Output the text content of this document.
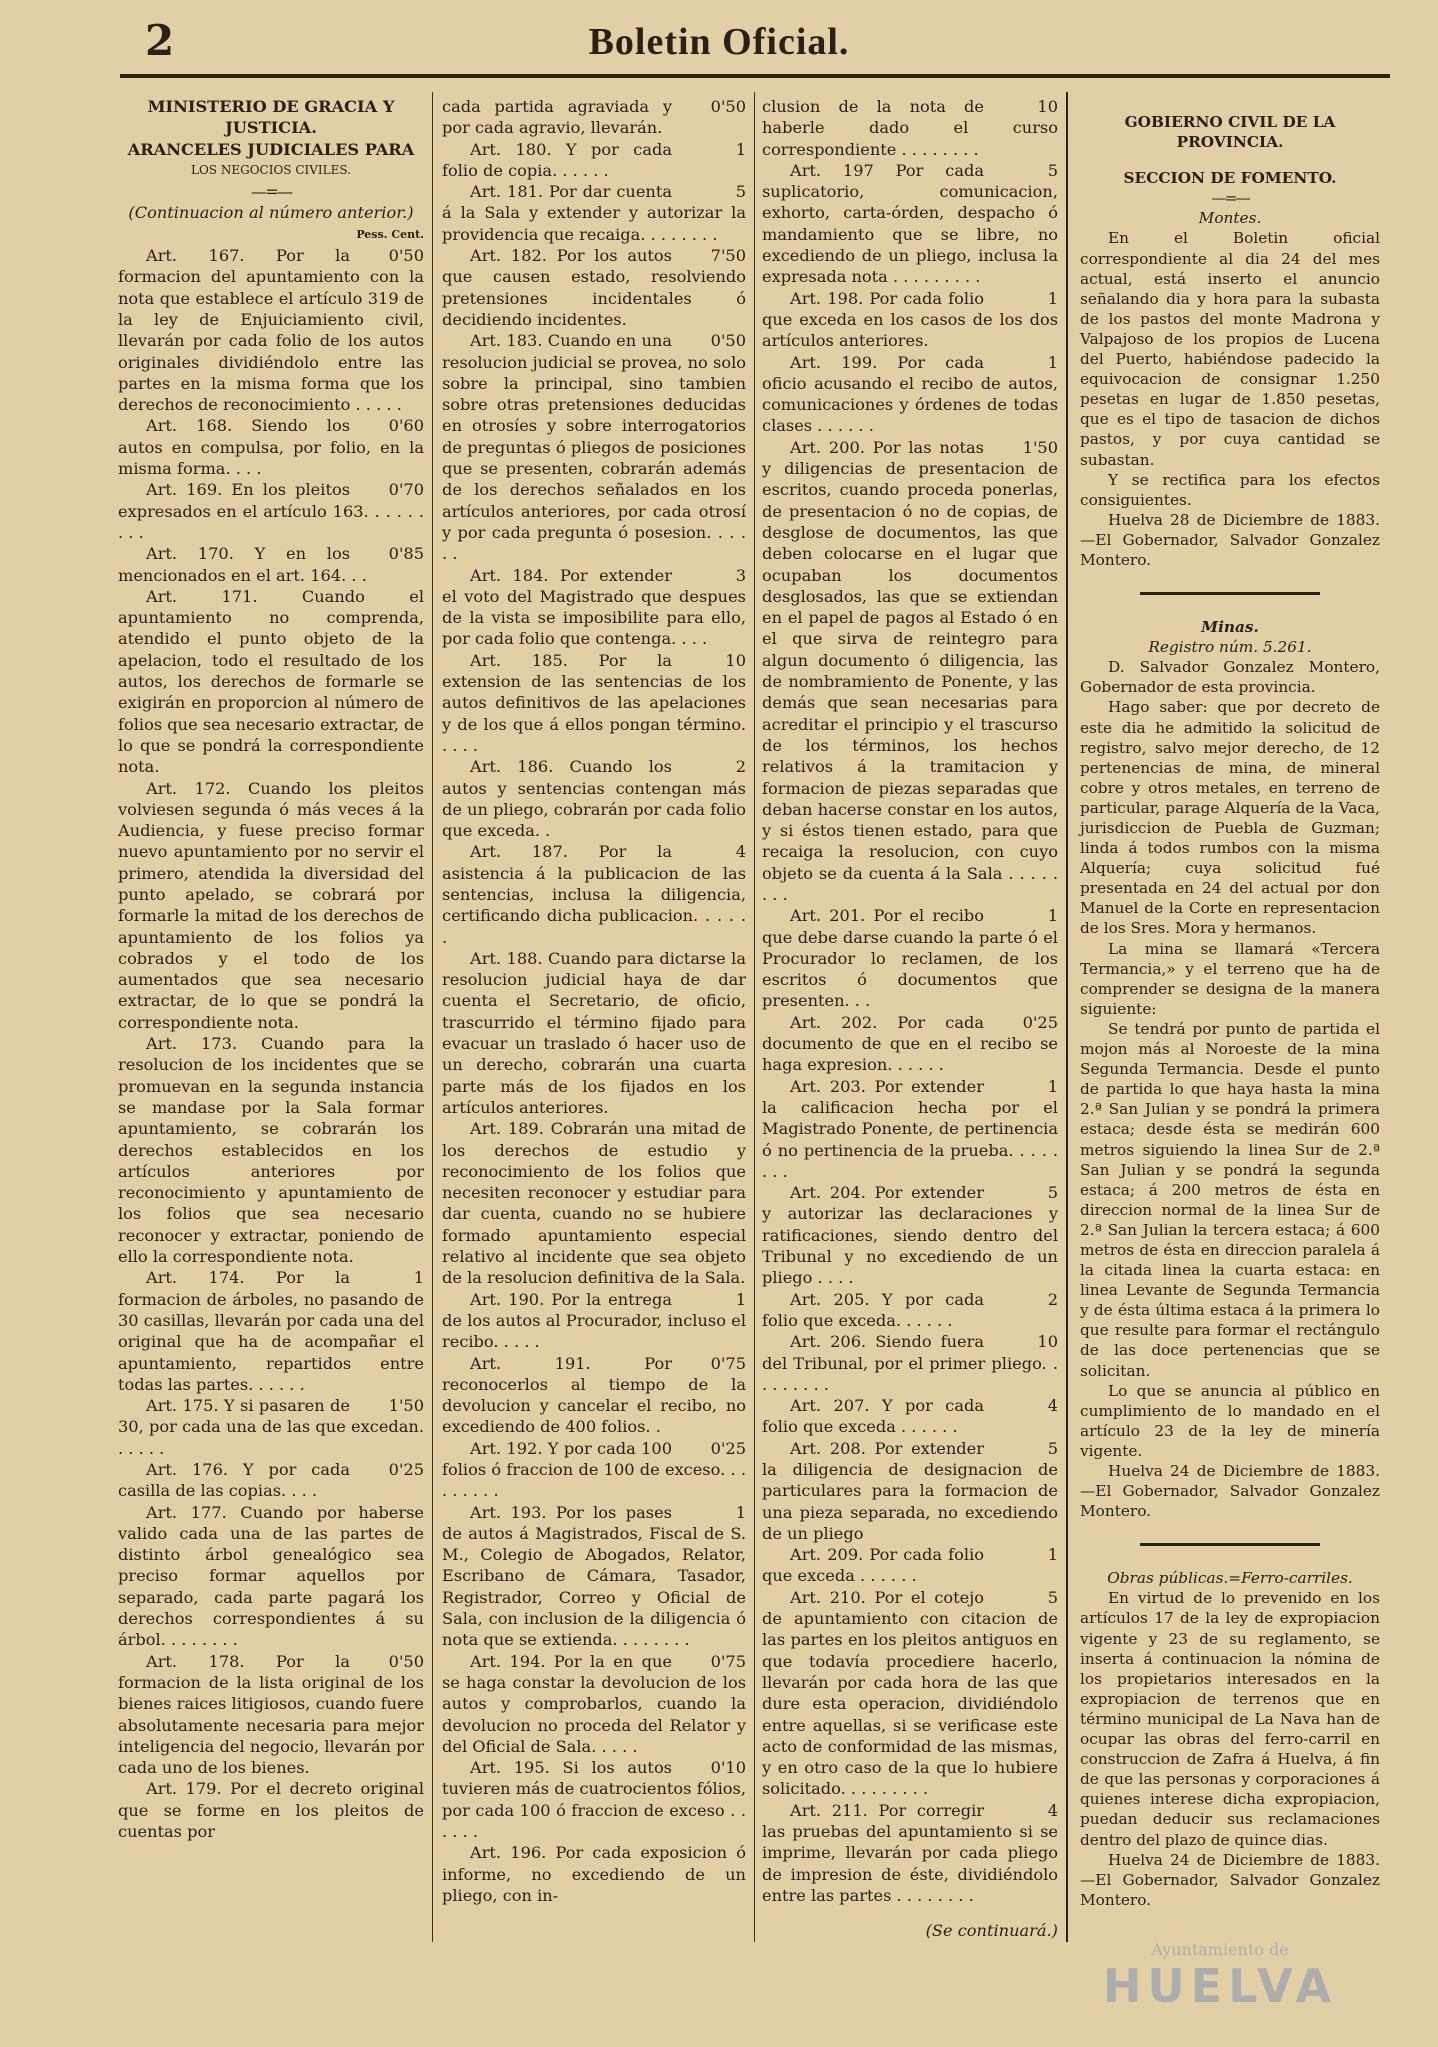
2	Boletin Oficial.

MINISTERIO DE GRACIA Y JUSTICIA.

ARANCELES JUDICIALES PARA

LOS NEGOCIOS CIVILES.

—=—

(Continuacion al número anterior.)

Pess. Cent.

0'50
Art. 167. Por la formacion del apuntamiento con la nota que establece el artículo 319 de la ley de Enjuiciamiento civil, llevarán por cada folio de los autos originales dividiéndolo entre las partes en la misma forma que los derechos de reconocimiento . . . . .

0'60
Art. 168. Siendo los autos en compulsa, por folio, en la misma forma. . . .

0'70
Art. 169. En los pleitos expresados en el artículo 163. . . . . . . . .

0'85
Art. 170. Y en los mencionados en el art. 164. . .

Art. 171. Cuando el apuntamiento no comprenda, atendido el punto objeto de la apelacion, todo el resultado de los autos, los derechos de formarle se exigirán en proporcion al número de folios que sea necesario extractar, de lo que se pondrá la correspondiente nota.

Art. 172. Cuando los pleitos volviesen segunda ó más veces á la Audiencia, y fuese preciso formar nuevo apuntamiento por no servir el primero, atendida la diversidad del punto apelado, se cobrará por formarle la mitad de los derechos de apuntamiento de los folios ya cobrados y el todo de los aumentados que sea necesario extractar, de lo que se pondrá la correspondiente nota.

Art. 173. Cuando para la resolucion de los incidentes que se promuevan en la segunda instancia se mandase por la Sala formar apuntamiento, se cobrarán los derechos establecidos en los artículos anteriores por reconocimiento y apuntamiento de los folios que sea necesario reconocer y extractar, poniendo de ello la correspondiente nota.

1
Art. 174. Por la formacion de árboles, no pasando de 30 casillas, llevarán por cada una del original que ha de acompañar el apuntamiento, repartidos entre todas las partes. . . . . .

1'50
Art. 175. Y si pasaren de 30, por cada una de las que excedan. . . . . .

0'25
Art. 176. Y por cada casilla de las copias. . . .

Art. 177. Cuando por haberse valido cada una de las partes de distinto árbol genealógico sea preciso formar aquellos por separado, cada parte pagará los derechos correspondientes á su árbol. . . . . . . .

0'50
Art. 178. Por la formacion de la lista original de los bienes raices litigiosos, cuando fuere absolutamente necesaria para mejor inteligencia del negocio, llevarán por cada uno de los bienes.

Art. 179. Por el decreto original que se forme en los pleitos de cuentas por

0'50
cada partida agraviada y por cada agravio, llevarán.

1
Art. 180. Y por cada folio de copia. . . . . .

5
Art. 181. Por dar cuenta á la Sala y extender y autorizar la providencia que recaiga. . . . . . . .

7'50
Art. 182. Por los autos que causen estado, resolviendo pretensiones incidentales ó decidiendo incidentes.

0'50
Art. 183. Cuando en una resolucion judicial se provea, no solo sobre la principal, sino tambien sobre otras pretensiones deducidas en otrosíes y sobre interrogatorios de preguntas ó pliegos de posiciones que se presenten, cobrarán además de los derechos señalados en los artículos anteriores, por cada otrosí y por cada pregunta ó posesion. . . . . .

3
Art. 184. Por extender el voto del Magistrado que despues de la vista se imposibilite para ello, por cada folio que contenga. . . .

10
Art. 185. Por la extension de las sentencias de los autos definitivos de las apelaciones y de los que á ellos pongan término. . . . .

2
Art. 186. Cuando los autos y sentencias contengan más de un pliego, cobrarán por cada folio que exceda. .

4
Art. 187. Por la asistencia á la publicacion de las sentencias, inclusa la diligencia, certificando dicha publicacion. . . . . .

Art. 188. Cuando para dictarse la resolucion judicial haya de dar cuenta el Secretario, de oficio, trascurrido el término fijado para evacuar un traslado ó hacer uso de un derecho, cobrarán una cuarta parte más de los fijados en los artículos anteriores.

Art. 189. Cobrarán una mitad de los derechos de estudio y reconocimiento de los folios que necesiten reconocer y estudiar para dar cuenta, cuando no se hubiere formado apuntamiento especial relativo al incidente que sea objeto de la resolucion definitiva de la Sala.

1
Art. 190. Por la entrega de los autos al Procurador, incluso el recibo. . . . .

0'75
Art. 191. Por reconocerlos al tiempo de la devolucion y cancelar el recibo, no excediendo de 400 folios. .

0'25
Art. 192. Y por cada 100 folios ó fraccion de 100 de exceso. . . . . . . . .

1
Art. 193. Por los pases de autos á Magistrados, Fiscal de S. M., Colegio de Abogados, Relator, Escribano de Cámara, Tasador, Registrador, Correo y Oficial de Sala, con inclusion de la diligencia ó nota que se extienda. . . . . . . .

0'75
Art. 194. Por la en que se haga constar la devolucion de los autos y comprobarlos, cuando la devolucion no proceda del Relator y del Oficial de Sala. . . . .

0'10
Art. 195. Si los autos tuvieren más de cuatrocientos fólios, por cada 100 ó fraccion de exceso . . . . . .

Art. 196. Por cada exposicion ó informe, no excediendo de un pliego, con in-

10
clusion de la nota de haberle dado el curso correspondiente . . . . . . . .

5
Art. 197 Por cada suplicatorio, comunicacion, exhorto, carta-órden, despacho ó mandamiento que se libre, no excediendo de un pliego, inclusa la expresada nota . . . . . . . . .

1
Art. 198. Por cada folio que exceda en los casos de los dos artículos anteriores.

1
Art. 199. Por cada oficio acusando el recibo de autos, comunicaciones y órdenes de todas clases . . . . . .

1'50
Art. 200. Por las notas y diligencias de presentacion de escritos, cuando proceda ponerlas, de presentacion ó no de copias, de desglose de documentos, las que deben colocarse en el lugar que ocupaban los documentos desglosados, las que se extiendan en el papel de pagos al Estado ó en el que sirva de reintegro para algun documento ó diligencia, las de nombramiento de Ponente, y las demás que sean necesarias para acreditar el principio y el trascurso de los términos, los hechos relativos á la tramitacion y formacion de piezas separadas que deban hacerse constar en los autos, y si éstos tienen estado, para que recaiga la resolucion, con cuyo objeto se da cuenta á la Sala . . . . . . . .

1
Art. 201. Por el recibo que debe darse cuando la parte ó el Procurador lo reclamen, de los escritos ó documentos que presenten. . .

0'25
Art. 202. Por cada documento de que en el recibo se haga expresion. . . . . .

1
Art. 203. Por extender la calificacion hecha por el Magistrado Ponente, de pertinencia ó no pertinencia de la prueba. . . . . . . .

5
Art. 204. Por extender y autorizar las declaraciones y ratificaciones, siendo dentro del Tribunal y no excediendo de un pliego . . . .

2
Art. 205. Y por cada folio que exceda. . . . . .

10
Art. 206. Siendo fuera del Tribunal, por el primer pliego. . . . . . . . .

4
Art. 207. Y por cada folio que exceda . . . . . .

5
Art. 208. Por extender la diligencia de designacion de particulares para la formacion de una pieza separada, no excediendo de un pliego

1
Art. 209. Por cada folio que exceda . . . . . .

5
Art. 210. Por el cotejo de apuntamiento con citacion de las partes en los pleitos antiguos en que todavía procediere hacerlo, llevarán por cada hora de las que dure esta operacion, dividiéndolo entre aquellas, si se verificase este acto de conformidad de las mismas, y en otro caso de la que lo hubiere solicitado. . . . . . . . .

4
Art. 211. Por corregir las pruebas del apuntamiento si se imprime, llevarán por cada pliego de impresion de éste, dividiéndolo entre las partes . . . . . . . .

(Se continuará.)

GOBIERNO CIVIL DE LA PROVINCIA.

SECCION DE FOMENTO.

—=—

Montes.

En el Boletin oficial correspondiente al dia 24 del mes actual, está inserto el anuncio señalando dia y hora para la subasta de los pastos del monte Madrona y Valpajoso de los propios de Lucena del Puerto, habiéndose padecido la equivocacion de consignar 1.250 pesetas en lugar de 1.850 pesetas, que es el tipo de tasacion de dichos pastos, y por cuya cantidad se subastan.

Y se rectifica para los efectos consiguientes.

Huelva 28 de Diciembre de 1883. —El Gobernador, Salvador Gonzalez Montero.

Minas.

Registro núm. 5.261.

D. Salvador Gonzalez Montero, Gobernador de esta provincia.

Hago saber: que por decreto de este dia he admitido la solicitud de registro, salvo mejor derecho, de 12 pertenencias de mina, de mineral cobre y otros metales, en terreno de particular, parage Alquería de la Vaca, jurisdiccion de Puebla de Guzman; linda á todos rumbos con la misma Alquería; cuya solicitud fué presentada en 24 del actual por don Manuel de la Corte en representacion de los Sres. Mora y hermanos.

La mina se llamará «Tercera Termancia,» y el terreno que ha de comprender se designa de la manera siguiente:

Se tendrá por punto de partida el mojon más al Noroeste de la mina Segunda Termancia. Desde el punto de partida lo que haya hasta la mina 2.ª San Julian y se pondrá la primera estaca; desde ésta se medirán 600 metros siguiendo la linea Sur de 2.ª San Julian y se pondrá la segunda estaca; á 200 metros de ésta en direccion normal de la linea Sur de 2.ª San Julian la tercera estaca; á 600 metros de ésta en direccion paralela á la citada linea la cuarta estaca: en linea Levante de Segunda Termancia y de ésta última estaca á la primera lo que resulte para formar el rectángulo de las doce pertenencias que se solicitan.

Lo que se anuncia al público en cumplimiento de lo mandado en el artículo 23 de la ley de minería vigente.

Huelva 24 de Diciembre de 1883. —El Gobernador, Salvador Gonzalez Montero.

Obras públicas.=Ferro-carriles.

En virtud de lo prevenido en los artículos 17 de la ley de expropiacion vigente y 23 de su reglamento, se inserta á continuacion la nómina de los propietarios interesados en la expropiacion de terrenos que en término municipal de La Nava han de ocupar las obras del ferro-carril en construccion de Zafra á Huelva, á fin de que las personas y corporaciones á quienes interese dicha expropiacion, puedan deducir sus reclamaciones dentro del plazo de quince dias.

Huelva 24 de Diciembre de 1883. —El Gobernador, Salvador Gonzalez Montero.

Ayuntamiento de
HUELVA
